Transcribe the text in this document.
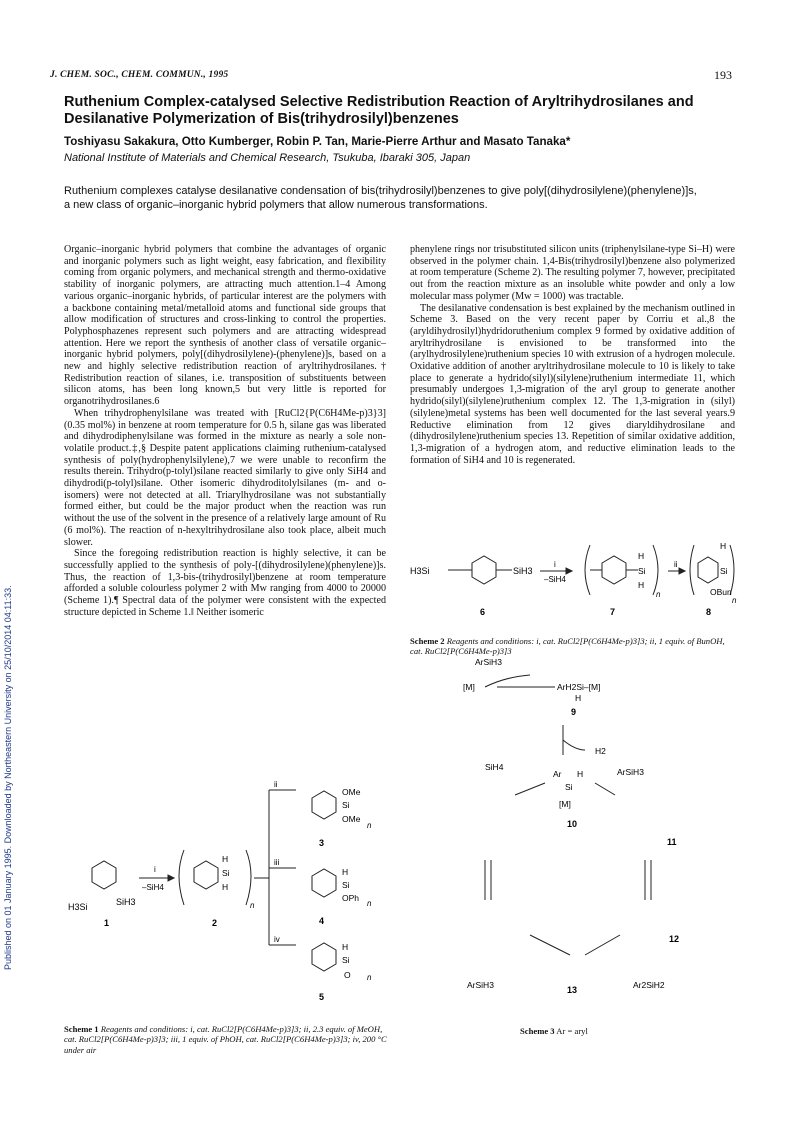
J. CHEM. SOC., CHEM. COMMUN., 1995	193
Ruthenium Complex-catalysed Selective Redistribution Reaction of Aryltrihydrosilanes and Desilanative Polymerization of Bis(trihydrosilyl)benzenes
Toshiyasu Sakakura, Otto Kumberger, Robin P. Tan, Marie-Pierre Arthur and Masato Tanaka*
National Institute of Materials and Chemical Research, Tsukuba, Ibaraki 305, Japan
Ruthenium complexes catalyse desilanative condensation of bis(trihydrosilyl)benzenes to give poly[(dihydrosilylene)(phenylene)]s, a new class of organic–inorganic hybrid polymers that allow numerous transformations.
Published on 01 January 1995. Downloaded by Northeastern University on 25/10/2014 04:11:33.

Organic–inorganic hybrid polymers that combine the advantages of organic and inorganic polymers such as light weight, easy fabrication, and flexibility coming from organic polymers, and mechanical strength and thermo-oxidative stability of inorganic polymers, are attracting much attention.1–4 Among various organic–inorganic hybrids, of particular interest are the polymers with a backbone containing metal/metalloid atoms and functional side groups that allow modification of structures and cross-linking to control the properties. Polyphosphazenes represent such polymers and are attracting widespread attention. Here we report the synthesis of another class of versatile organic–inorganic hybrid polymers, poly[(dihydrosilylene)-(phenylene)]s, based on a new and highly selective redistribution reaction of aryltrihydrosilanes.† Redistribution reaction of silanes, i.e. transposition of substituents between silicon atoms, has been long known,5 but very little is reported for organotrihydrosilanes.6

When trihydrophenylsilane was treated with [RuCl2{P(C6H4Me-p)3}3] (0.35 mol%) in benzene at room temperature for 0.5 h, silane gas was liberated and dihydrodiphenylsilane was formed in the mixture as nearly a sole non-volatile product.‡,§ Despite patent applications claiming ruthenium-catalysed synthesis of poly(hydrophenylsilylene),7 we were unable to reconfirm the results therein. Trihydro(p-tolyl)silane reacted similarly to give only SiH4 and dihydrodi(p-tolyl)silane. Other isomeric dihydroditolylsilanes (m- and o-isomers) were not detected at all. Triarylhydrosilane was not substantially formed either, but could be the major product when the reaction was run without the use of the solvent in the presence of a relatively large amount of Ru (6 mol%). The reaction of n-hexyltrihydrosilane also took place, albeit much slower.

Since the foregoing redistribution reaction is highly selective, it can be successfully applied to the synthesis of poly-[(dihydrosilylene)(phenylene)]s. Thus, the reaction of 1,3-bis-(trihydrosilyl)benzene at room temperature afforded a soluble colourless polymer 2 with Mw ranging from 4000 to 20000 (Scheme 1).¶ Spectral data of the polymer were consistent with the expected structure depicted in Scheme 1.‖ Neither isomeric

phenylene rings nor trisubstituted silicon units (triphenylsilane-type Si–H) were observed in the polymer chain. 1,4-Bis(trihydrosilyl)benzene also polymerized at room temperature (Scheme 2). The resulting polymer 7, however, precipitated out from the reaction mixture as an insoluble white powder and only a low molecular mass polymer (Mw = 1000) was tractable.

The desilanative condensation is best explained by the mechanism outlined in Scheme 3. Based on the very recent paper by Corriu et al.,8 the (aryldihydrosilyl)hydridoruthenium complex 9 formed by oxidative addition of aryltrihydrosilane is envisioned to be transformed into the (arylhydrosilylene)ruthenium species 10 with extrusion of a hydrogen molecule. Oxidative addition of another aryltrihydrosilane molecule to 10 is likely to take place to generate a hydrido(silyl)(silylene)ruthenium intermediate 11, which presumably undergoes 1,3-migration of the aryl group to generate another hydrido(silyl)(silylene)ruthenium complex 12. The 1,3-migration in (silyl)(silylene)metal systems has been well documented for the last several years.9 Reductive elimination from 12 gives diaryldihydrosilane and (dihydrosilylene)ruthenium species 13. Repetition of similar oxidative addition, 1,3-migration of a hydrogen atom, and reductive elimination leads to the formation of SiH4 and 10 is regenerated.

H3Si	SiH3
i
–SiH4
ii
H
Si
H
n
H
Si
OBun
n
6	7	8
Scheme 2 Reagents and conditions: i, cat. RuCl2[P(C6H4Me-p)3]3; ii, 1 equiv. of BunOH, cat. RuCl2[P(C6H4Me-p)3]3
H3Si	SiH3
1
i
–SiH4
2
ii
iii
iv
3
4
5
OMe
Si
OMe
H
Si
OPh
H
Si
O
H
Si
H
n
n
n
n
Scheme 1 Reagents and conditions: i, cat. RuCl2[P(C6H4Me-p)3]3; ii, 2.3 equiv. of MeOH, cat. RuCl2[P(C6H4Me-p)3]3; iii, 1 equiv. of PhOH, cat. RuCl2[P(C6H4Me-p)3]3; iv, 200 °C under air
ArSiH3
[M]	ArH2Si–[M]
H
9
H2
SiH4	ArSiH3
10
11
12
13
ArSiH3	Ar2SiH2
Ar H
Si
[M]
Scheme 3 Ar = aryl
